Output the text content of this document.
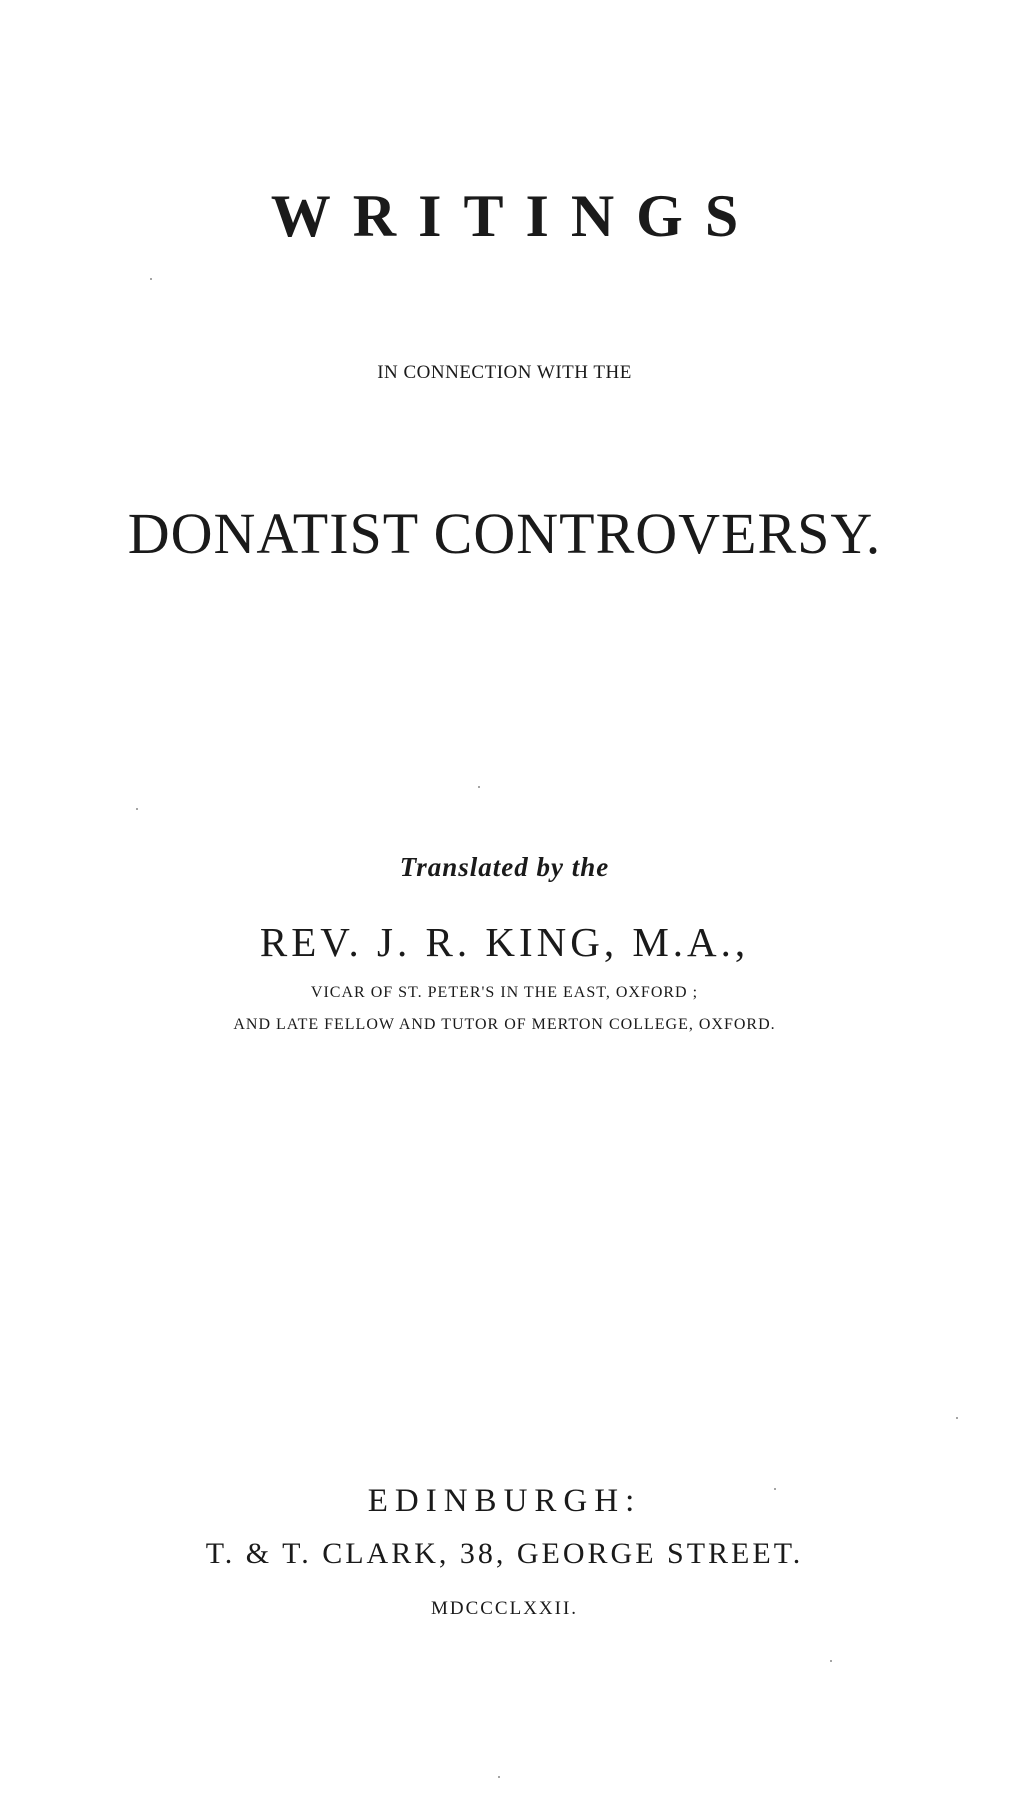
WRITINGS
IN CONNECTION WITH THE
DONATIST CONTROVERSY.
Translated by the
REV. J. R. KING, M.A.,
VICAR OF ST. PETER'S IN THE EAST, OXFORD ;
AND LATE FELLOW AND TUTOR OF MERTON COLLEGE, OXFORD.
EDINBURGH:
T. & T. CLARK, 38, GEORGE STREET.
MDCCCLXXII.
